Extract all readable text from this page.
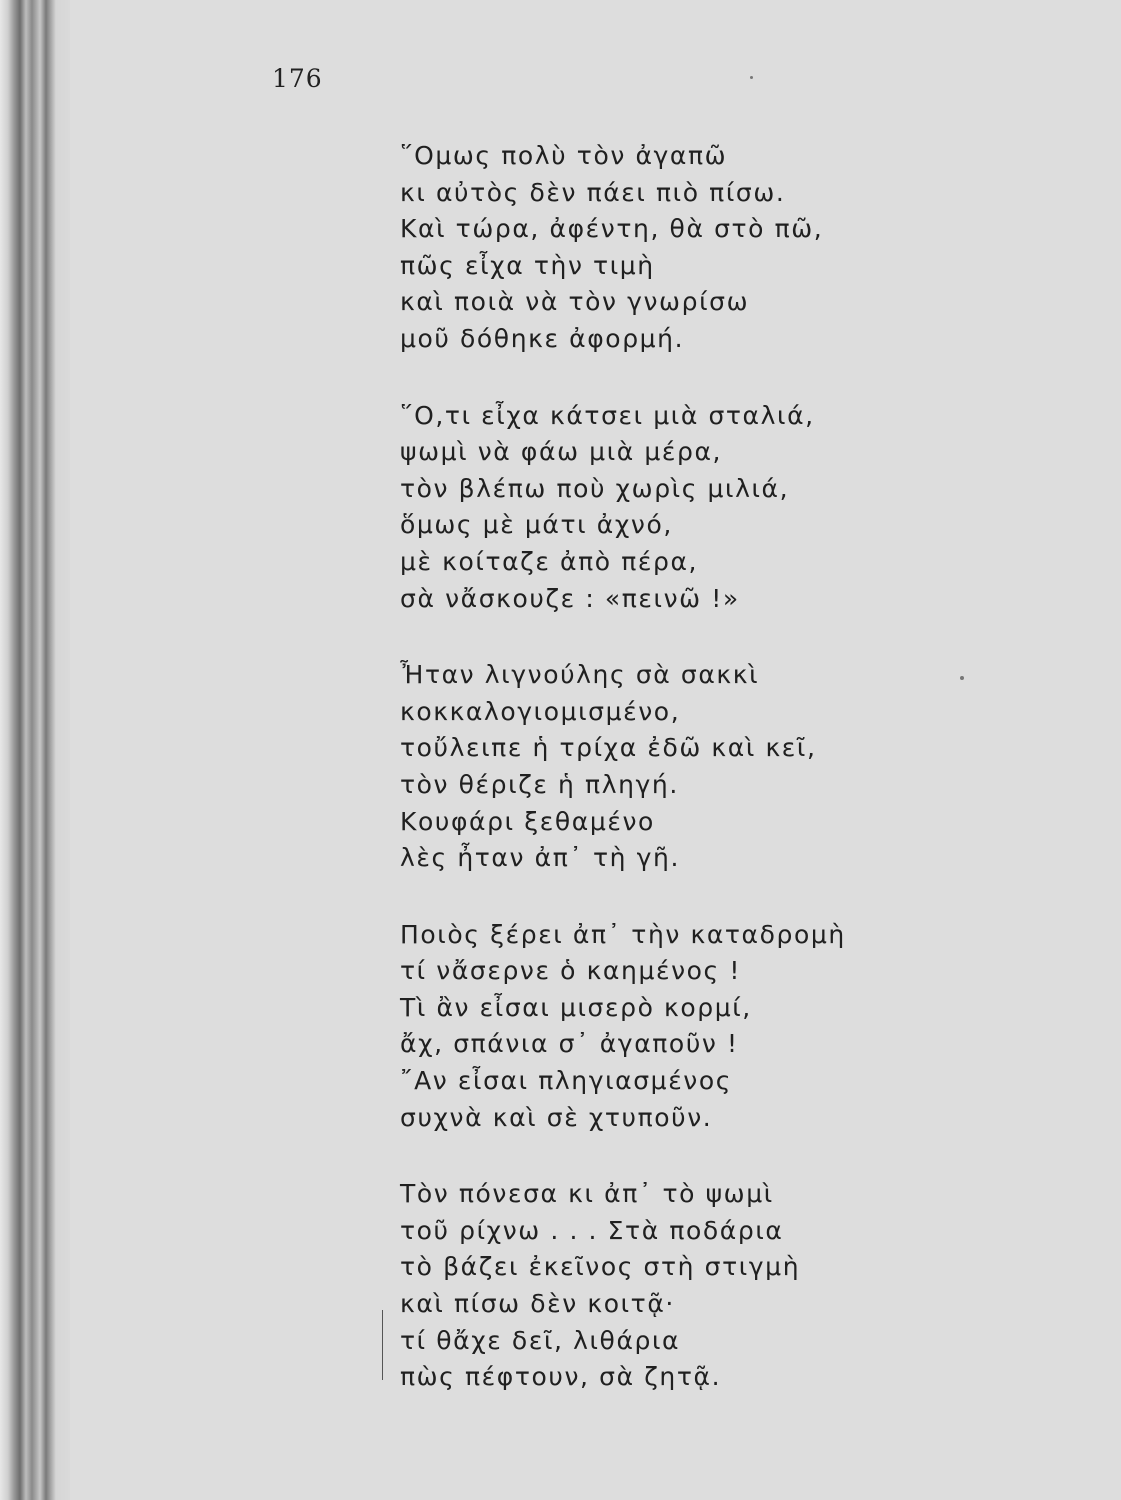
176

῞Ομως πολὺ τὸν ἀγαπῶ
κι αὐτὸς δὲν πάει πιὸ πίσω.
Καὶ τώρα, ἀφέντη, θὰ στὸ πῶ,
πῶς εἶχα τὴν τιμὴ
καὶ ποιὰ νὰ τὸν γνωρίσω
μοῦ δόθηκε ἀφορμή.
῞Ο,τι εἶχα κάτσει μιὰ σταλιά,
ψωμὶ νὰ φάω μιὰ μέρα,
τὸν βλέπω ποὺ χωρὶς μιλιά,
ὅμως μὲ μάτι ἀχνό,
μὲ κοίταζε ἀπὸ πέρα,
σὰ νἄσκουζε : «πεινῶ !»
Ἦταν λιγνούλης σὰ σακκὶ
κοκκαλογιομισμένο,
τοὔλειπε ἡ τρίχα ἐδῶ καὶ κεῖ,
τὸν θέριζε ἡ πληγή.
Κουφάρι ξεθαμένο
λὲς ἦταν ἀπ᾿ τὴ γῆ.
Ποιὸς ξέρει ἀπ᾿ τὴν καταδρομὴ
τί νἄσερνε ὁ καημένος !
Τὶ ἂν εἶσαι μισερὸ κορμί,
ἄχ, σπάνια σ᾿ ἀγαποῦν !
῎Αν εἶσαι πληγιασμένος
συχνὰ καὶ σὲ χτυποῦν.
Τὸν πόνεσα κι ἀπ᾿ τὸ ψωμὶ
τοῦ ρίχνω . . . Στὰ ποδάρια
τὸ βάζει ἐκεῖνος στὴ στιγμὴ
καὶ πίσω δὲν κοιτᾷ·
τί θἄχε δεῖ, λιθάρια
πὼς πέφτουν, σὰ ζητᾷ.
